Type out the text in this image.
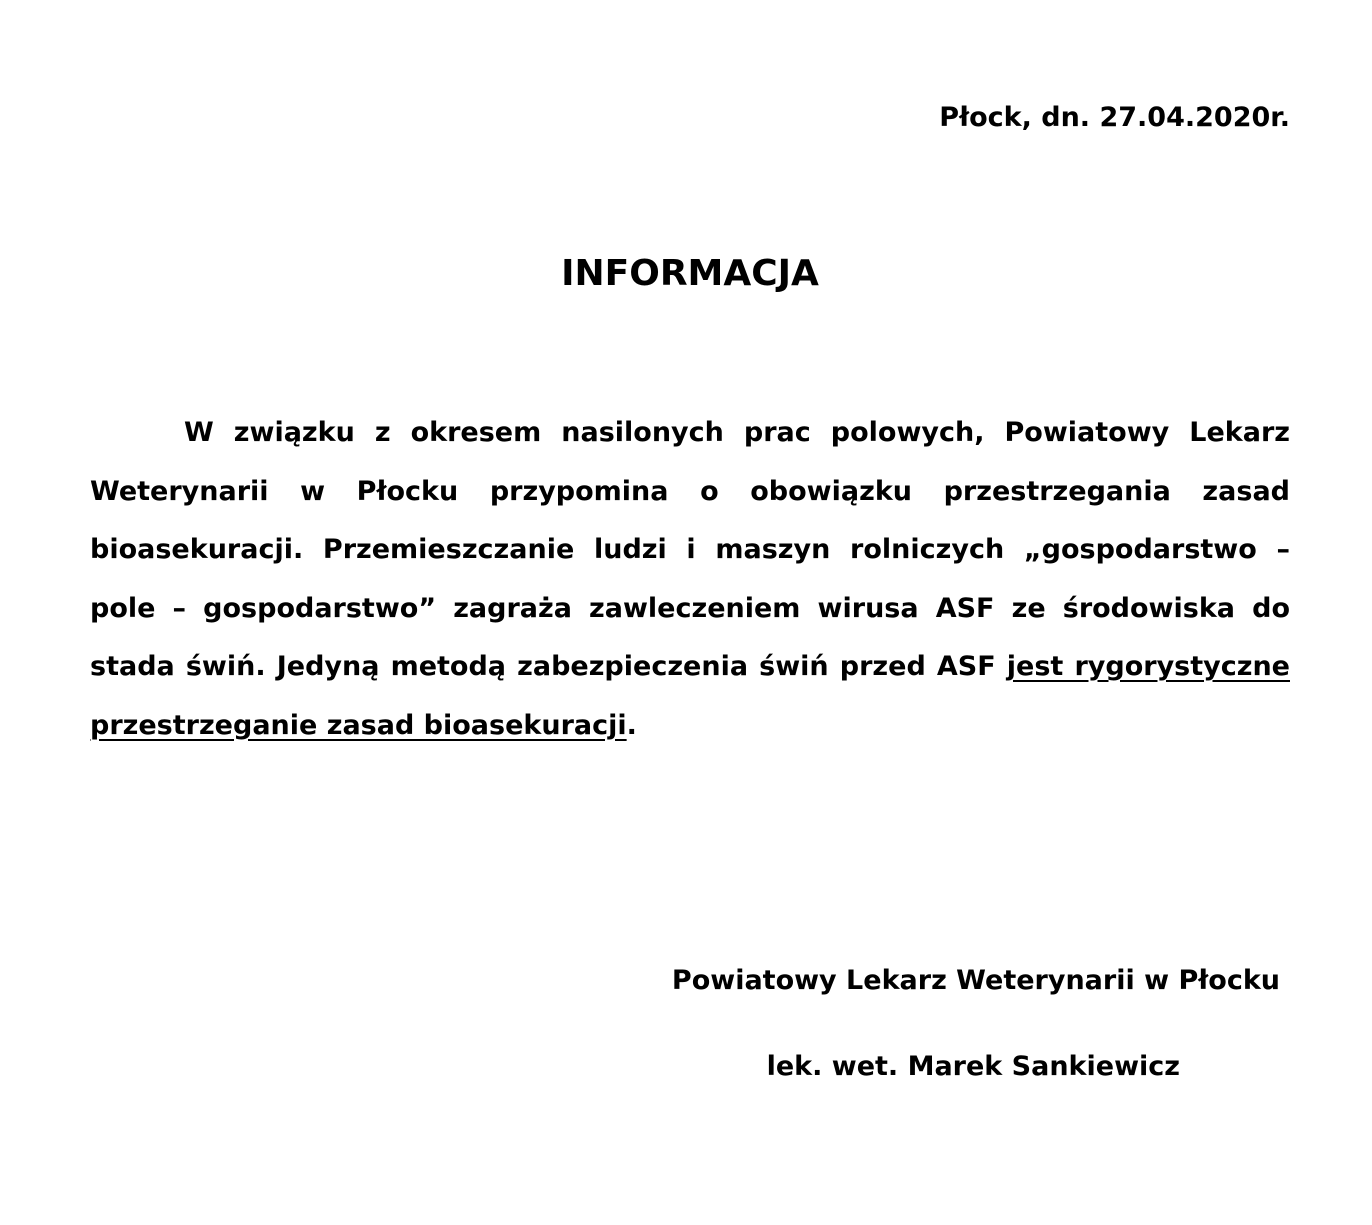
Płock, dn. 27.04.2020r.
INFORMACJA

W związku z okresem nasilonych prac polowych, Powiatowy Lekarz Weterynarii w Płocku przypomina o obowiązku przestrzegania zasad bioasekuracji. Przemieszczanie ludzi i maszyn rolniczych „gospodarstwo – pole – gospodarstwo” zagraża zawleczeniem wirusa ASF ze środowiska do stada świń. Jedyną metodą zabezpieczenia świń przed ASF jest rygorystyczne przestrzeganie zasad bioasekuracji.

Powiatowy Lekarz Weterynarii w Płocku
lek. wet. Marek Sankiewicz
